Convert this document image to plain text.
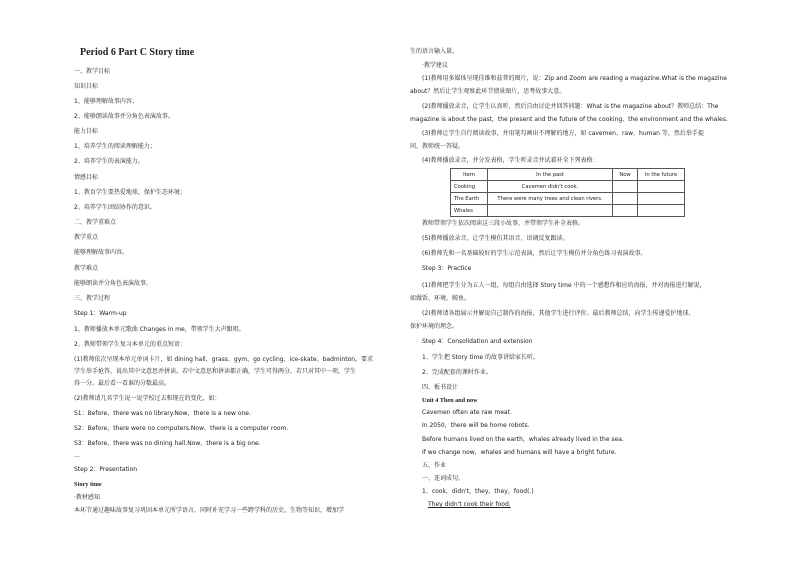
Period 6 Part C Story time
一、教学目标
知识目标
1、能够理解故事内容；
2、能够朗读故事并分角色表演故事。
能力目标
1、培养学生的阅读理解能力；
2、培养学生的表演能力。
情感目标
1、教育学生要热爱地球，保护生态环境；
2、培养学生团结协作的意识。
二、教学重难点
教学重点
能够理解故事内容。
教学难点
能够朗读并分角色表演故事。
三、教学过程
Step 1：Warm-up
1、教师播放本单元歌曲 Changes in me，带领学生大声跟唱。
2、教师带领学生复习本单元的重点短语：
(1)教师依次呈现本单元单词卡片，如 dining hall、grass、gym、go cycling、ice-skate、badminton，要求
学生举手抢答，说出其中文意思并拼读。若中文意思和拼读都正确，学生可得两分，若只对其中一项，学生
得一分。最后看一看谁的分数最高。
(2)教师请几名学生说一说学校过去和现在的变化，如：
S1：Before，there was no library.Now，there is a new one.
S2：Before，there were no computers.Now，there is a computer room.
S3：Before，there was no dining hall.Now，there is a big one.
…
Step 2：Presentation
Story time
·教材感知
本环节通过趣味故事复习巩固本单元所学语言，同时补充学习一些跨学科的历史、生物等知识，增加学
生的语言输入量。
·教学建议
(1)教师用多媒体呈现佳维和兹普的图片，说：Zip and Zoom are reading a magazine.What is the magazine
about？然后让学生观察此环节情景图片，思考故事大意。
(2)教师播放录音，让学生认真听，然后自由讨论并回答问题：What is the magazine about？教师总结：The
magazine is about the past，the present and the future of the cooking，the environment and the whales.
(3)教师让学生自行阅读故事，并用笔勾画出不理解的地方，如 cavemen、raw、human 等，然后举手提
问，教师统一答疑。
(4)教师播放录音，并分发表格，学生听录音并试着补全下列表格：
Item	In the past	Now	In the future
Cooking	Cavemen didn't cook.		
The Earth	There were many trees and clean rivers.		
Whales			
教师带领学生依次阅读这三段小故事，并带领学生补全表格。
(5)教师播放录音，让学生模仿其语音、语调反复跟读。
(6)教师先和一名基础较好的学生示范表演，然后让学生模仿并分角色练习表演故事。
Step 3：Practice
(1)教师把学生分为五人一组，每组自由选择 Story time 中的一个感想作相应的海报，并对海报进行解说，
如做饭、环境、鲸鱼。
(2)教师请各组展示并解说自己制作的海报，其他学生进行评价。最后教师总结，向学生传递爱护地球、
保护环境的理念。
Step 4：Consolidation and extension
1、学生把 Story time 的故事讲给家长听。
2、完成配套的课时作业。
四、板书设计
Unit 4 Then and now
Cavemen often ate raw meat.
In 2050，there will be home robots.
Before humans lived on the earth，whales already lived in the sea.
If we change now，whales and humans will have a bright future.
五、作业
一、连词成句。
1、cook，didn't，they，they，food(.)
They didn't cook their food.
